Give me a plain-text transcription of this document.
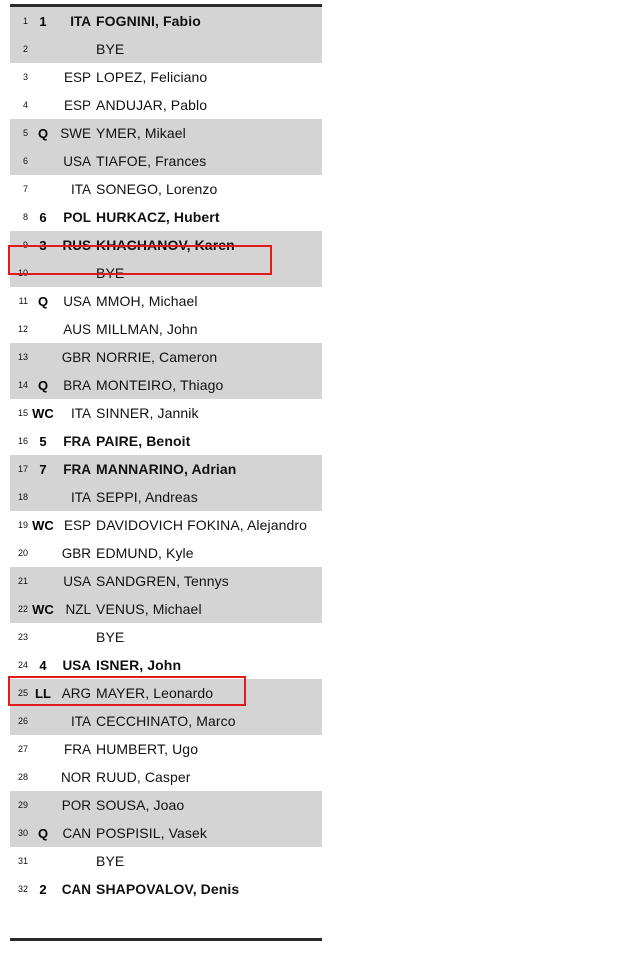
1 1	ITA FOGNINI, Fabio
2	BYE
3	ESP LOPEZ, Feliciano
4	ESP ANDUJAR, Pablo
5 Q SWE YMER, Mikael
6	USA TIAFOE, Frances
7	ITA SONEGO, Lorenzo
8 6	POL HURKACZ, Hubert
9 3	RUS KHACHANOV, Karen
10	BYE
11 Q	USA MMOH, Michael
12	AUS MILLMAN, John
13	GBR NORRIE, Cameron
14 Q	BRA MONTEIRO, Thiago
15 WC	ITA SINNER, Jannik
16 5	FRA PAIRE, Benoit
17 7	FRA MANNARINO, Adrian
18	ITA SEPPI, Andreas
19 WC ESP DAVIDOVICH FOKINA, Alejandro
20	GBR EDMUND, Kyle
21	USA SANDGREN, Tennys
22 WC NZL VENUS, Michael
23	BYE
24 4	USA ISNER, John
25 LL ARG MAYER, Leonardo
26	ITA CECCHINATO, Marco
27	FRA HUMBERT, Ugo
28	NOR RUUD, Casper
29	POR SOUSA, Joao
30 Q	CAN POSPISIL, Vasek
31	BYE
32 2	CAN SHAPOVALOV, Denis
